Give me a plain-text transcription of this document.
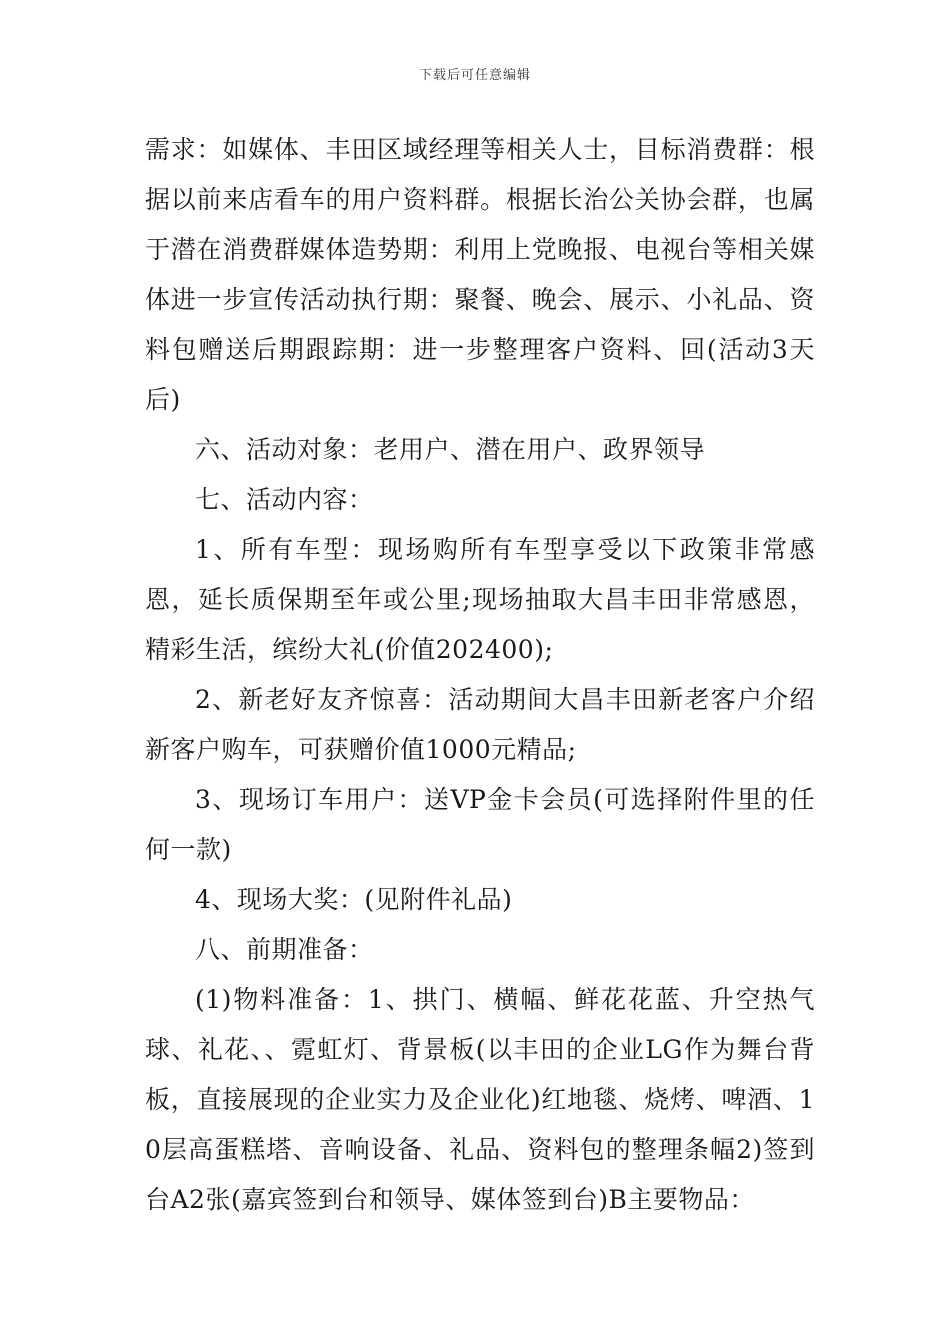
下载后可任意编辑

需求：如媒体、丰田区域经理等相关人士，目标消费群：根据以前来店看车的用户资料群。根据长治公关协会群，也属于潜在消费群媒体造势期：利用上党晚报、电视台等相关媒体进一步宣传活动执行期：聚餐、晚会、展示、小礼品、资料包赠送后期跟踪期：进一步整理客户资料、回(活动3天后)

六、活动对象：老用户、潜在用户、政界领导

七、活动内容：

1、所有车型：现场购所有车型享受以下政策非常感恩，延长质保期至年或公里;现场抽取大昌丰田非常感恩，精彩生活，缤纷大礼(价值202400);

2、新老好友齐惊喜：活动期间大昌丰田新老客户介绍新客户购车，可获赠价值1000元精品;

3、现场订车用户：送VP金卡会员(可选择附件里的任何一款)

4、现场大奖：(见附件礼品)

八、前期准备：

(1)物料准备：1、拱门、横幅、鲜花花蓝、升空热气球、礼花、、霓虹灯、背景板(以丰田的企业LG作为舞台背板，直接展现的企业实力及企业化)红地毯、烧烤、啤酒、10层高蛋糕塔、音响设备、礼品、资料包的整理条幅2)签到台A2张(嘉宾签到台和领导、媒体签到台)B主要物品：
